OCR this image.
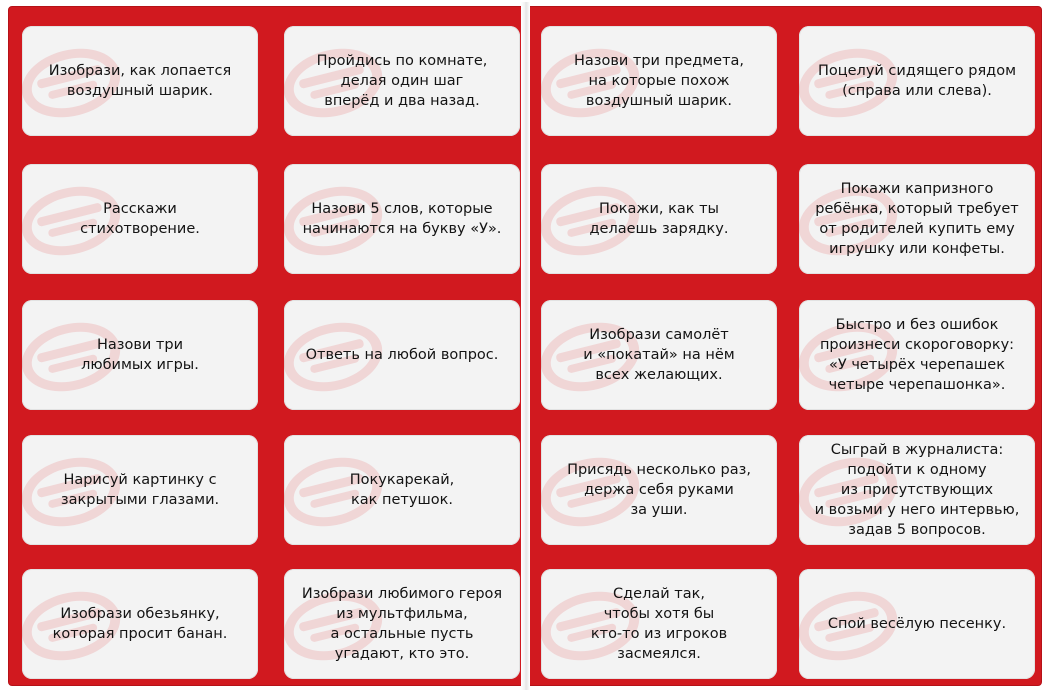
Изобрази, как лопается
воздушный шарик.
Пройдись по комнате,
делая один шаг
вперёд и два назад.
Назови три предмета,
на которые похож
воздушный шарик.
Поцелуй сидящего рядом
(справа или слева).
Расскажи
стихотворение.
Назови 5 слов, которые
начинаются на букву «У».
Покажи, как ты
делаешь зарядку.
Покажи капризного
ребёнка, который требует
от родителей купить ему
игрушку или конфеты.
Назови три
любимых игры.
Ответь на любой вопрос.
Изобрази самолёт
и «покатай» на нём
всех желающих.
Быстро и без ошибок
произнеси скороговорку:
«У четырёх черепашек
четыре черепашонка».
Нарисуй картинку с
закрытыми глазами.
Покукарекай,
как петушок.
Присядь несколько раз,
держа себя руками
за уши.
Сыграй в журналиста:
подойти к одному
из присутствующих
и возьми у него интервью,
задав 5 вопросов.
Изобрази обезьянку,
которая просит банан.
Изобрази любимого героя
из мультфильма,
а остальные пусть
угадают, кто это.
Сделай так,
чтобы хотя бы
кто-то из игроков
засмеялся.
Спой весёлую песенку.
